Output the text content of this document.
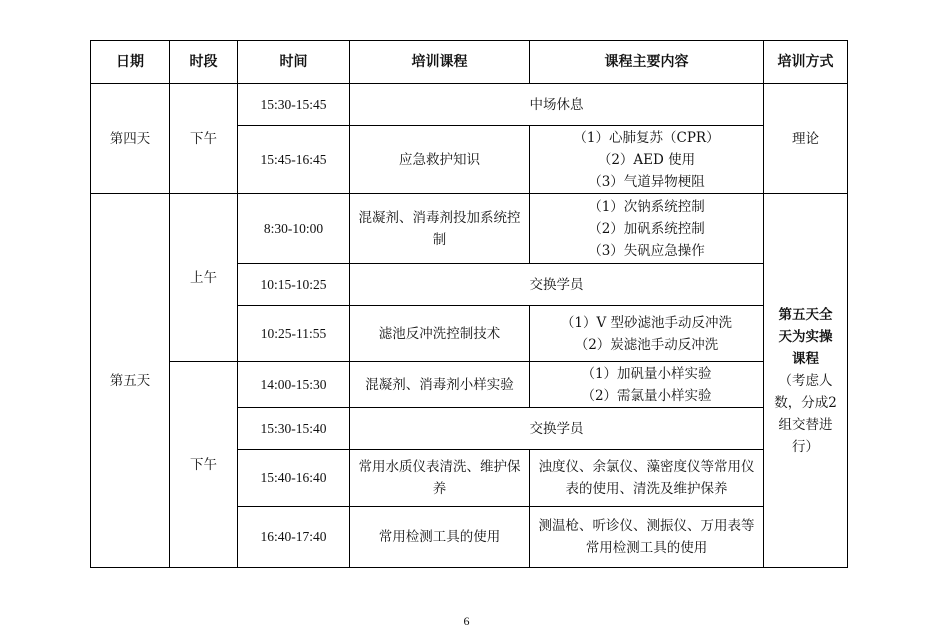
日期	时段	时间	培训课程	课程主要内容	培训方式
第四天	下午	15:30-15:45	中场休息		理论
		15:45-16:45	应急救护知识	（1）心肺复苏（CPR）
（2）AED 使用
（3）气道异物梗阻	

第五天	上午	8:30-10:00	混凝剂、消毒剂投加系统控制	（1）次钠系统控制
（2）加矾系统控制
（3）失矾应急操作	第五天全天为实操课程
（考虑人数，分成2组交替进行）

		10:15-10:25	交换学员		
		10:25-11:55	滤池反冲洗控制技术	（1）V 型砂滤池手动反冲洗
（2）炭滤池手动反冲洗	

	下午	14:00-15:30	混凝剂、消毒剂小样实验	（1）加矾量小样实验
（2）需氯量小样实验	

		15:30-15:40	交换学员		
		15:40-16:40	常用水质仪表清洗、维护保养	浊度仪、余氯仪、藻密度仪等常用仪表的使用、清洗及维护保养	
		16:40-17:40	常用检测工具的使用	测温枪、听诊仪、测振仪、万用表等常用检测工具的使用	
6
